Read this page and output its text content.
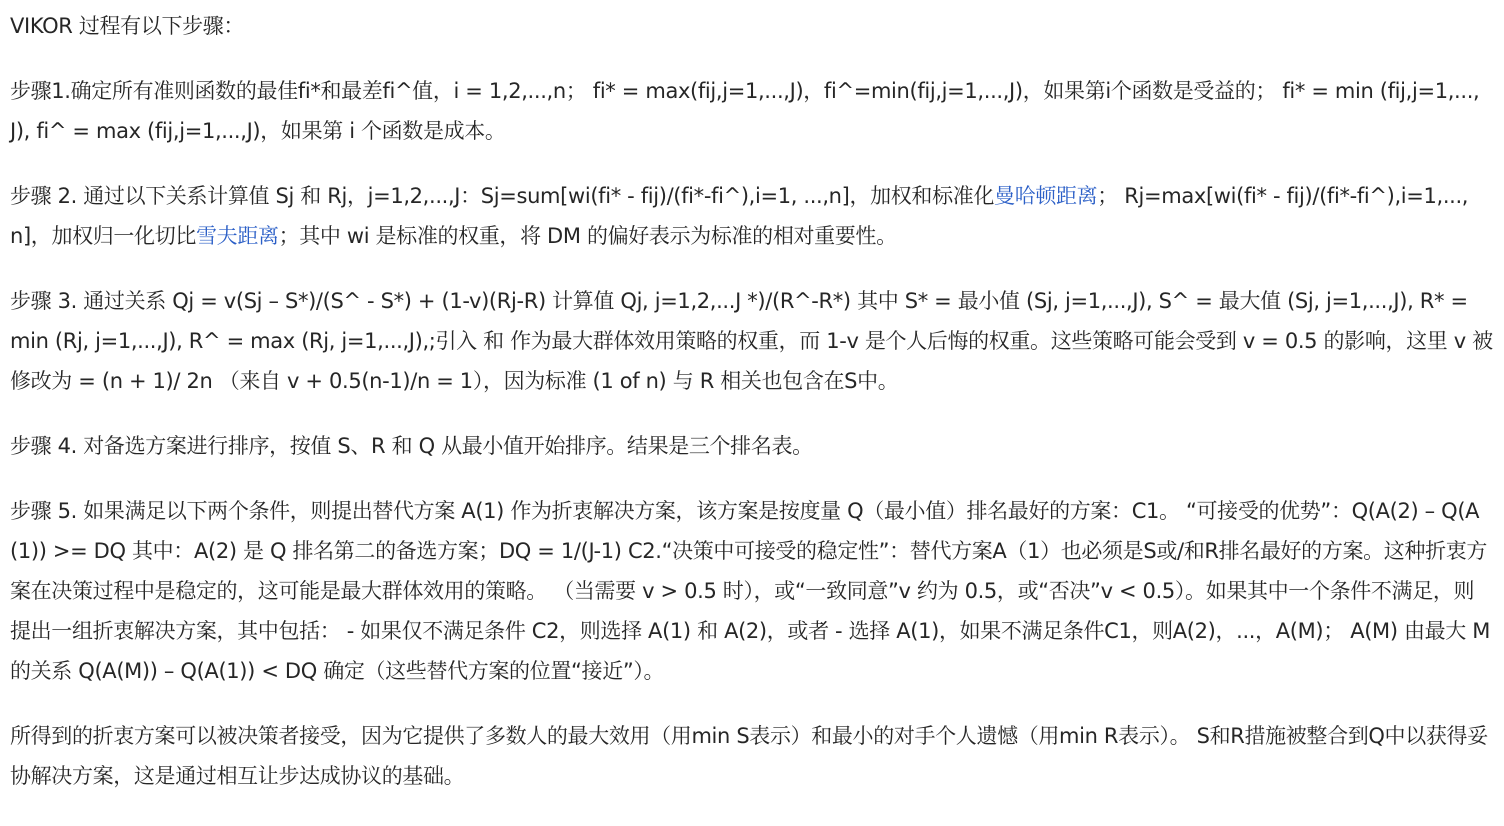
VIKOR 过程有以下步骤：

步骤1.确定所有准则函数的最佳fi*和最差fi^值，i = 1,2,...,n； fi* = max(fij,j=1,...,J)，fi^=min(fij,j=1,...,J)，如果第i个函数是受益的； fi* = min (fij,j=1,...,J), fi^ = max (fij,j=1,...,J)，如果第 i 个函数是成本。

步骤 2. 通过以下关系计算值 Sj 和 Rj，j=1,2,...,J：Sj=sum[wi(fi* - fij)/(fi*-fi^),i=1, ...,n]，加权和标准化曼哈顿距离； Rj=max[wi(fi* - fij)/(fi*-fi^),i=1,...,n]，加权归一化切比雪夫距离；其中 wi 是标准的权重，将 DM 的偏好表示为标准的相对重要性。

步骤 3. 通过关系 Qj = v(Sj – S*)/(S^ - S*) + (1-v)(Rj-R) 计算值 Qj, j=1,2,...J *)/(R^-R*) 其中 S* = 最小值 (Sj, j=1,...,J), S^ = 最大值 (Sj, j=1,...,J), R* = min (Rj, j=1,...,J), R^ = max (Rj, j=1,...,J),;引入 和 作为最大群体效用策略的权重，而 1-v 是个人后悔的权重。这些策略可能会受到 v = 0.5 的影响，这里 v 被修改为 = (n + 1)/ 2n （来自 v + 0.5(n-1)/n = 1），因为标准 (1 of n) 与 R 相关也包含在S中。

步骤 4. 对备选方案进行排序，按值 S、R 和 Q 从最小值开始排序。结果是三个排名表。

步骤 5. 如果满足以下两个条件，则提出替代方案 A(1) 作为折衷解决方案，该方案是按度量 Q（最小值）排名最好的方案：C1。 “可接受的优势”：Q(A(2) – Q(A(1)) >= DQ 其中：A(2) 是 Q 排名第二的备选方案；DQ = 1/(J-1) C2.“决策中可接受的稳定性”：替代方案A（1）也必须是S或/和R排名最好的方案。这种折衷方案在决策过程中是稳定的，这可能是最大群体效用的策略。 （当需要 v > 0.5 时），或“一致同意”v 约为 0.5，或“否决”v < 0.5）。如果其中一个条件不满足，则提出一组折衷解决方案，其中包括： - 如果仅不满足条件 C2，则选择 A(1) 和 A(2)，或者 - 选择 A(1)，如果不满足条件C1，则A(2)，...，A(M)； A(M) 由最大 M 的关系 Q(A(M)) – Q(A(1)) < DQ 确定（这些替代方案的位置“接近”）。

所得到的折衷方案可以被决策者接受，因为它提供了多数人的最大效用（用min S表示）和最小的对手个人遗憾（用min R表示）。 S和R措施被整合到Q中以获得妥协解决方案，这是通过相互让步达成协议的基础。
